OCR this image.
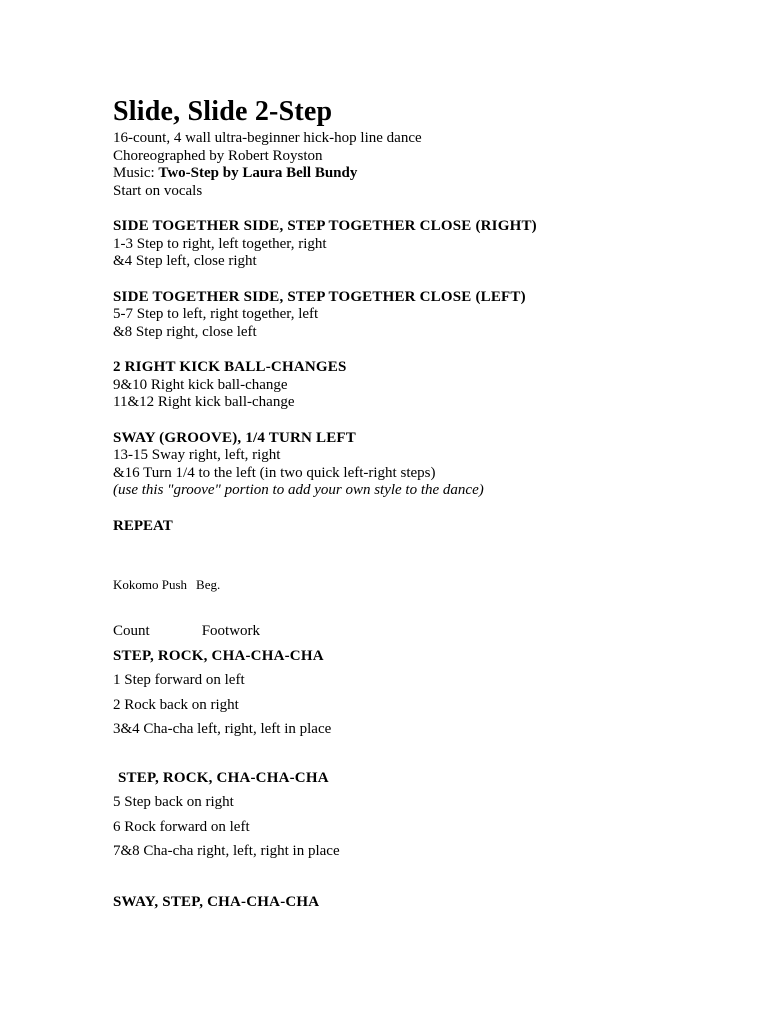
Slide, Slide 2-Step

16-count, 4 wall ultra-beginner hick-hop line dance

Choreographed by Robert Royston

Music: Two-Step by Laura Bell Bundy

Start on vocals

SIDE TOGETHER SIDE, STEP TOGETHER CLOSE (RIGHT)

1-3 Step to right, left together, right

&4 Step left, close right

SIDE TOGETHER SIDE, STEP TOGETHER CLOSE (LEFT)

5-7 Step to left, right together, left

&8 Step right, close left

2 RIGHT KICK BALL-CHANGES

9&10 Right kick ball-change

11&12 Right kick ball-change

SWAY (GROOVE), 1/4 TURN LEFT

13-15 Sway right, left, right

&16 Turn 1/4 to the left (in two quick left-right steps)

(use this "groove" portion to add your own style to the dance)

REPEAT

Kokomo Push Beg.

Count	Footwork

STEP, ROCK, CHA-CHA-CHA

1 Step forward on left

2 Rock back on right

3&4 Cha-cha left, right, left in place

STEP, ROCK, CHA-CHA-CHA

5 Step back on right

6 Rock forward on left

7&8 Cha-cha right, left, right in place

SWAY, STEP, CHA-CHA-CHA
